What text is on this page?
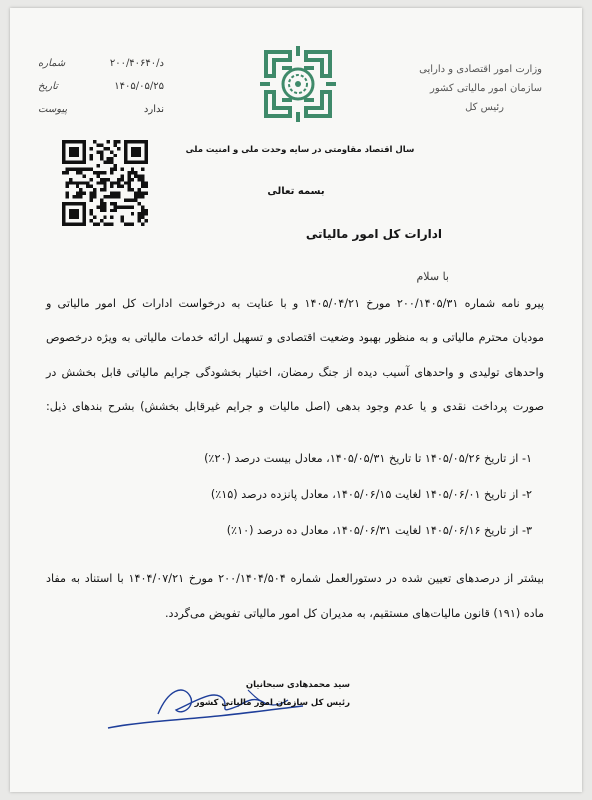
وزارت امور اقتصادی و دارایی
سازمان امور مالیاتی کشور
رئیس کل
سال اقتصاد مقاومتی در سایه وحدت ملی و امنیت ملی
۲۰۰/۴۰۶۴۰/د
شماره
۱۴۰۵/۰۵/۲۵
تاریخ
ندارد
پیوست
بسمه تعالی
ادارات کل امور مالیاتی
با سلام
پیرو نامه شماره ۲۰۰/۱۴۰۵/۳۱ مورخ ۱۴۰۵/۰۴/۲۱ و با عنایت به درخواست ادارات کل امور مالیاتی و
مودیان محترم مالیاتی و به منظور بهبود وضعیت اقتصادی و تسهیل ارائه خدمات مالیاتی به ویژه درخصوص
واحدهای تولیدی و واحدهای آسیب دیده از جنگ رمضان، اختیار بخشودگی جرایم مالیاتی قابل بخشش در
صورت پرداخت نقدی و یا عدم وجود بدهی (اصل مالیات و جرایم غیرقابل بخشش) بشرح بندهای ذیل:
۱- از تاریخ ۱۴۰۵/۰۵/۲۶ تا تاریخ ۱۴۰۵/۰۵/۳۱، معادل بیست درصد (۲۰٪)
۲- از تاریخ ۱۴۰۵/۰۶/۰۱ لغایت ۱۴۰۵/۰۶/۱۵، معادل پانزده درصد (۱۵٪)
۳- از تاریخ ۱۴۰۵/۰۶/۱۶ لغایت ۱۴۰۵/۰۶/۳۱، معادل ده درصد (۱۰٪)
بیشتر از درصدهای تعیین شده در دستورالعمل شماره ۲۰۰/۱۴۰۴/۵۰۴ مورخ ۱۴۰۴/۰۷/۲۱ با استناد به مفاد
ماده (۱۹۱) قانون مالیات‌های مستقیم، به مدیران کل امور مالیاتی تفویض می‌گردد.
سید محمدهادی سبحانیان
رئیس کل سازمان امور مالیاتی کشور
